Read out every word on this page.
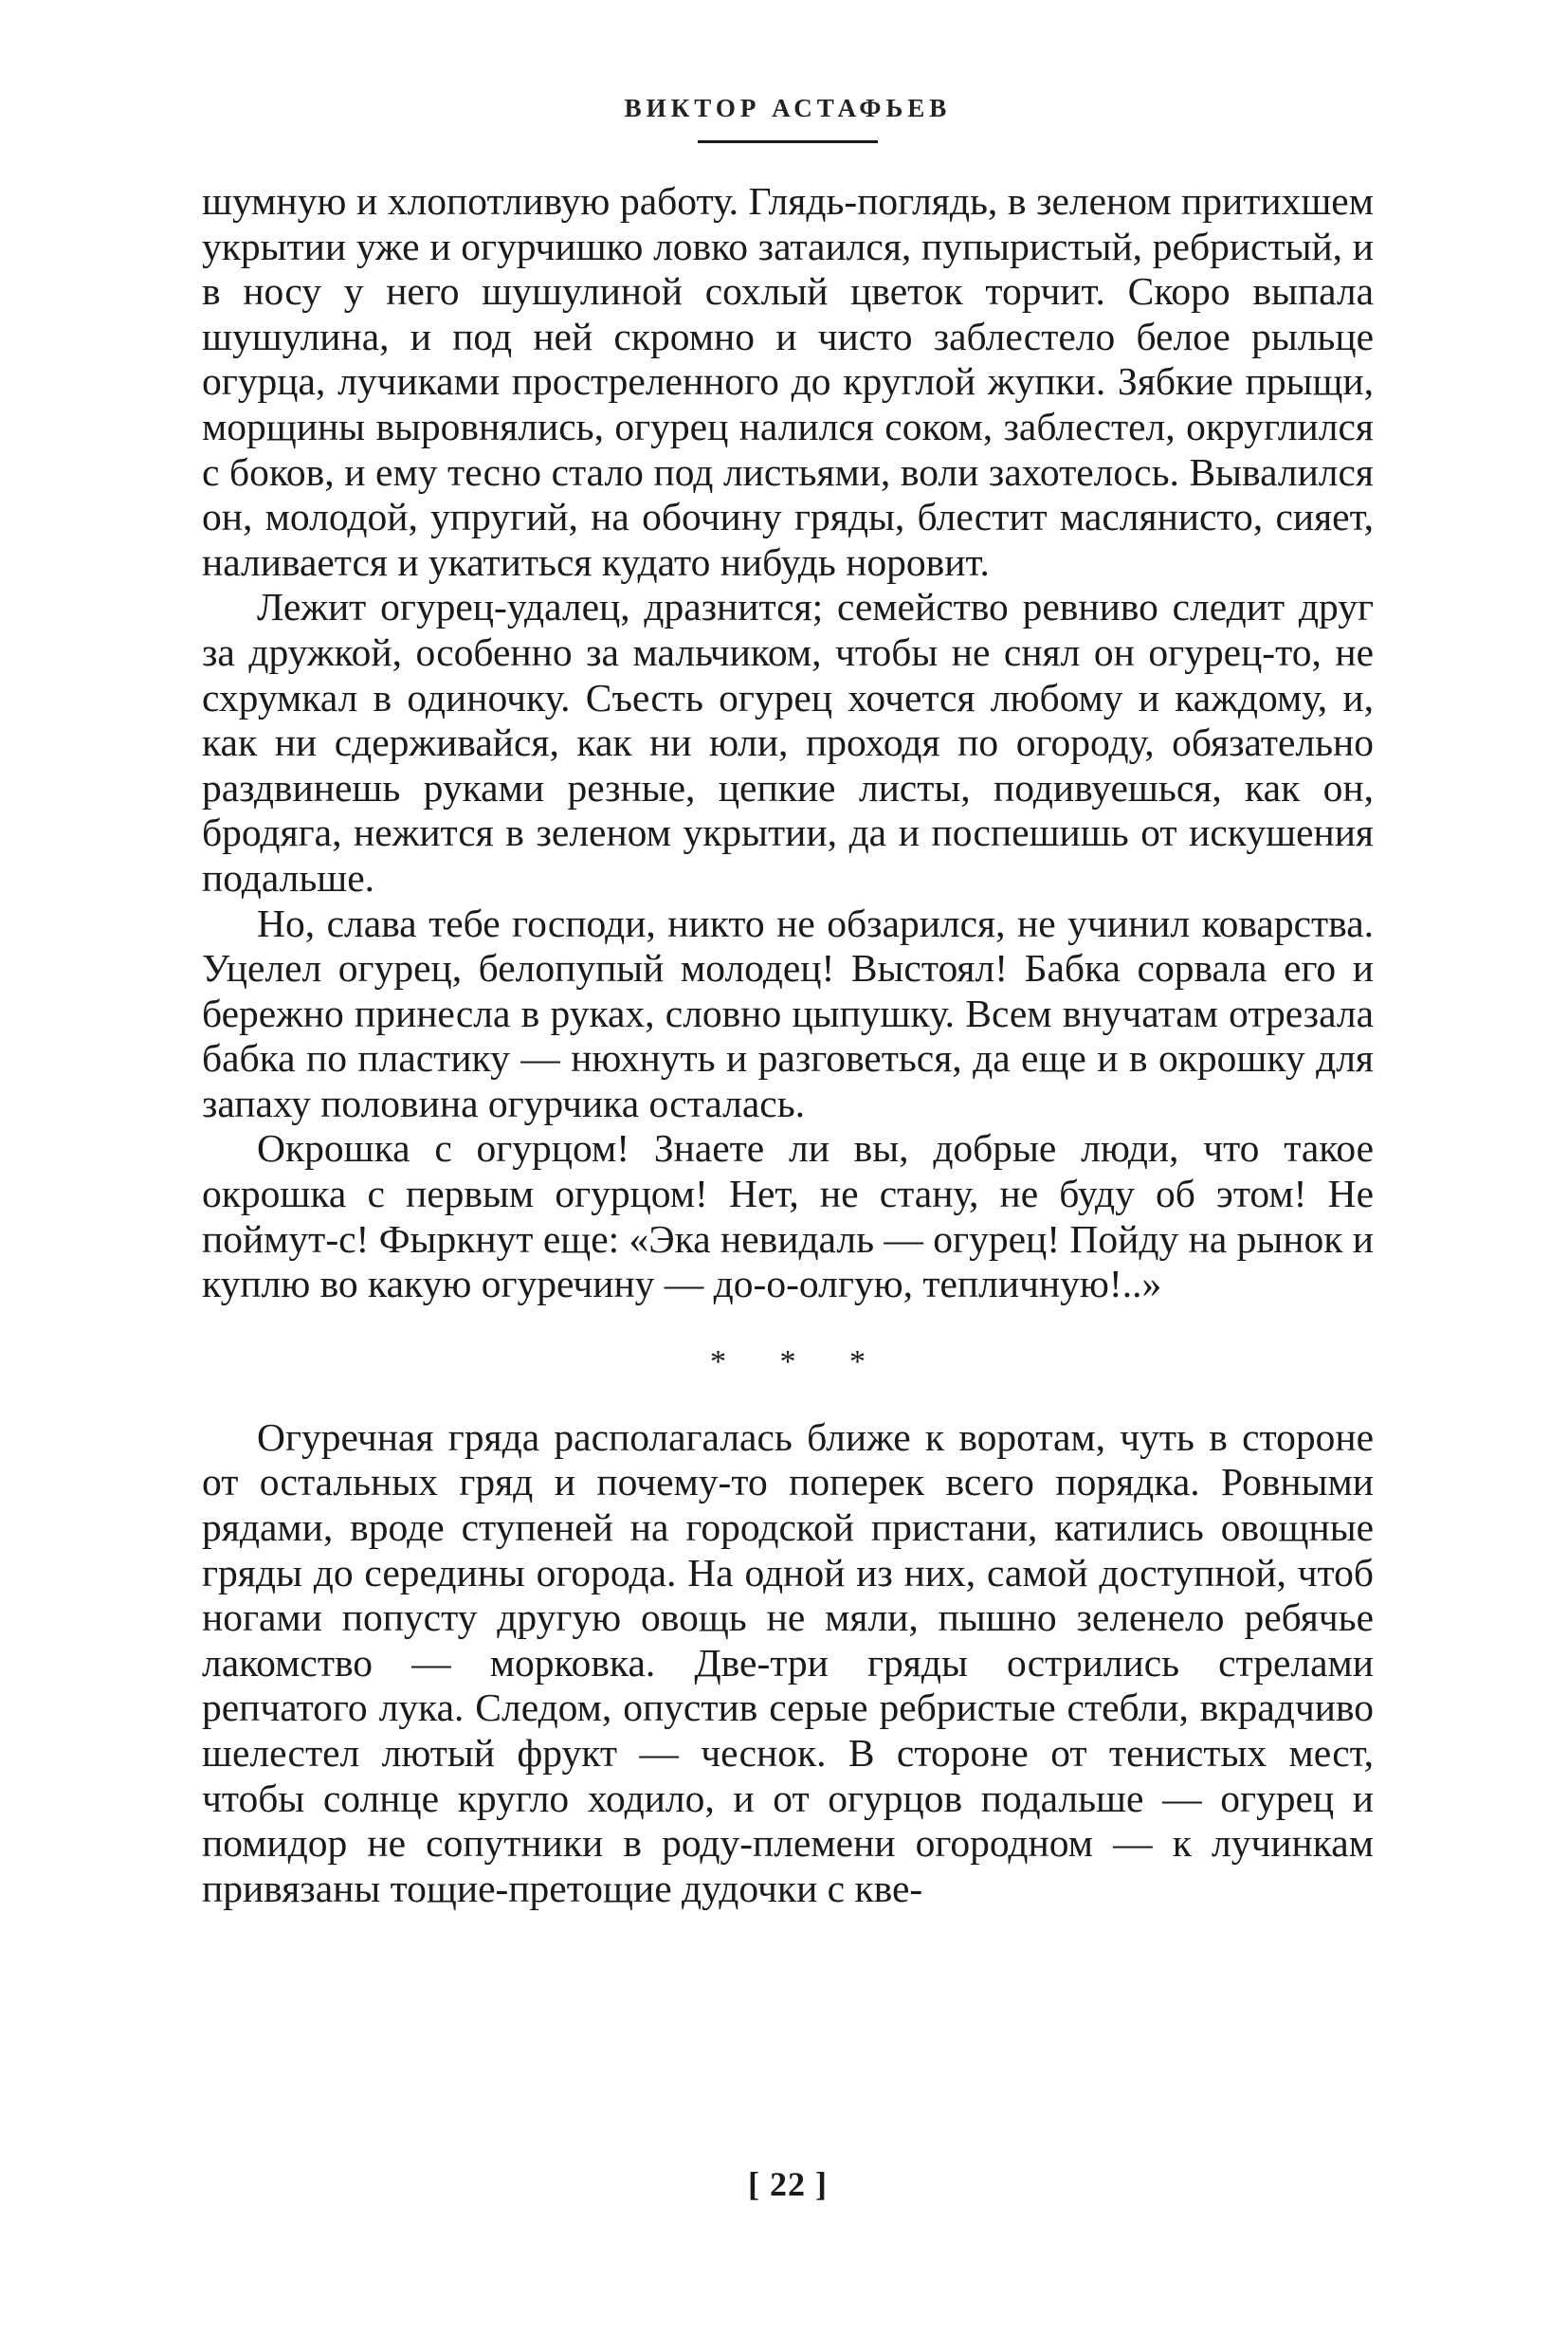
ВИКТОР АСТАФЬЕВ

шумную и хлопотливую работу. Глядь-поглядь, в зеленом притихшем укрытии уже и огурчишко ловко затаился, пупыристый, ребристый, и в носу у него шушулиной сохлый цветок торчит. Скоро выпала шушулина, и под ней скромно и чисто заблестело белое рыльце огурца, лучиками простреленного до круглой жупки. Зябкие прыщи, морщины выровнялись, огурец налился соком, заблестел, округлился с боков, и ему тесно стало под листьями, воли захотелось. Вывалился он, молодой, упругий, на обочину гряды, блестит маслянисто, сияет, наливается и укатиться кудато нибудь норовит.

Лежит огурец-удалец, дразнится; семейство ревниво следит друг за дружкой, особенно за мальчиком, чтобы не снял он огурец-то, не схрумкал в одиночку. Съесть огурец хочется любому и каждому, и, как ни сдерживайся, как ни юли, проходя по огороду, обязательно раздвинешь руками резные, цепкие листы, подивуешься, как он, бродяга, нежится в зеленом укрытии, да и поспешишь от искушения подальше.

Но, слава тебе господи, никто не обзарился, не учинил коварства. Уцелел огурец, белопупый молодец! Выстоял! Бабка сорвала его и бережно принесла в руках, словно цыпушку. Всем внучатам отрезала бабка по пластику — нюхнуть и разговеться, да еще и в окрошку для запаху половина огурчика осталась.

Окрошка с огурцом! Знаете ли вы, добрые люди, что такое окрошка с первым огурцом! Нет, не стану, не буду об этом! Не поймут-с! Фыркнут еще: «Эка невидаль — огурец! Пойду на рынок и куплю во какую огуречину — до-о-олгую, тепличную!..»

* * *

Огуречная гряда располагалась ближе к воротам, чуть в стороне от остальных гряд и почему-то поперек всего порядка. Ровными рядами, вроде ступеней на городской пристани, катились овощные гряды до середины огорода. На одной из них, самой доступной, чтоб ногами попусту другую овощь не мяли, пышно зеленело ребячье лакомство — морковка. Две-три гряды острились стрелами репчатого лука. Следом, опустив серые ребристые стебли, вкрадчиво шелестел лютый фрукт — чеснок. В стороне от тенистых мест, чтобы солнце кругло ходило, и от огурцов подальше — огурец и помидор не сопутники в роду-племени огородном — к лучинкам привязаны тощие-претощие дудочки с кве-

[ 22 ]
